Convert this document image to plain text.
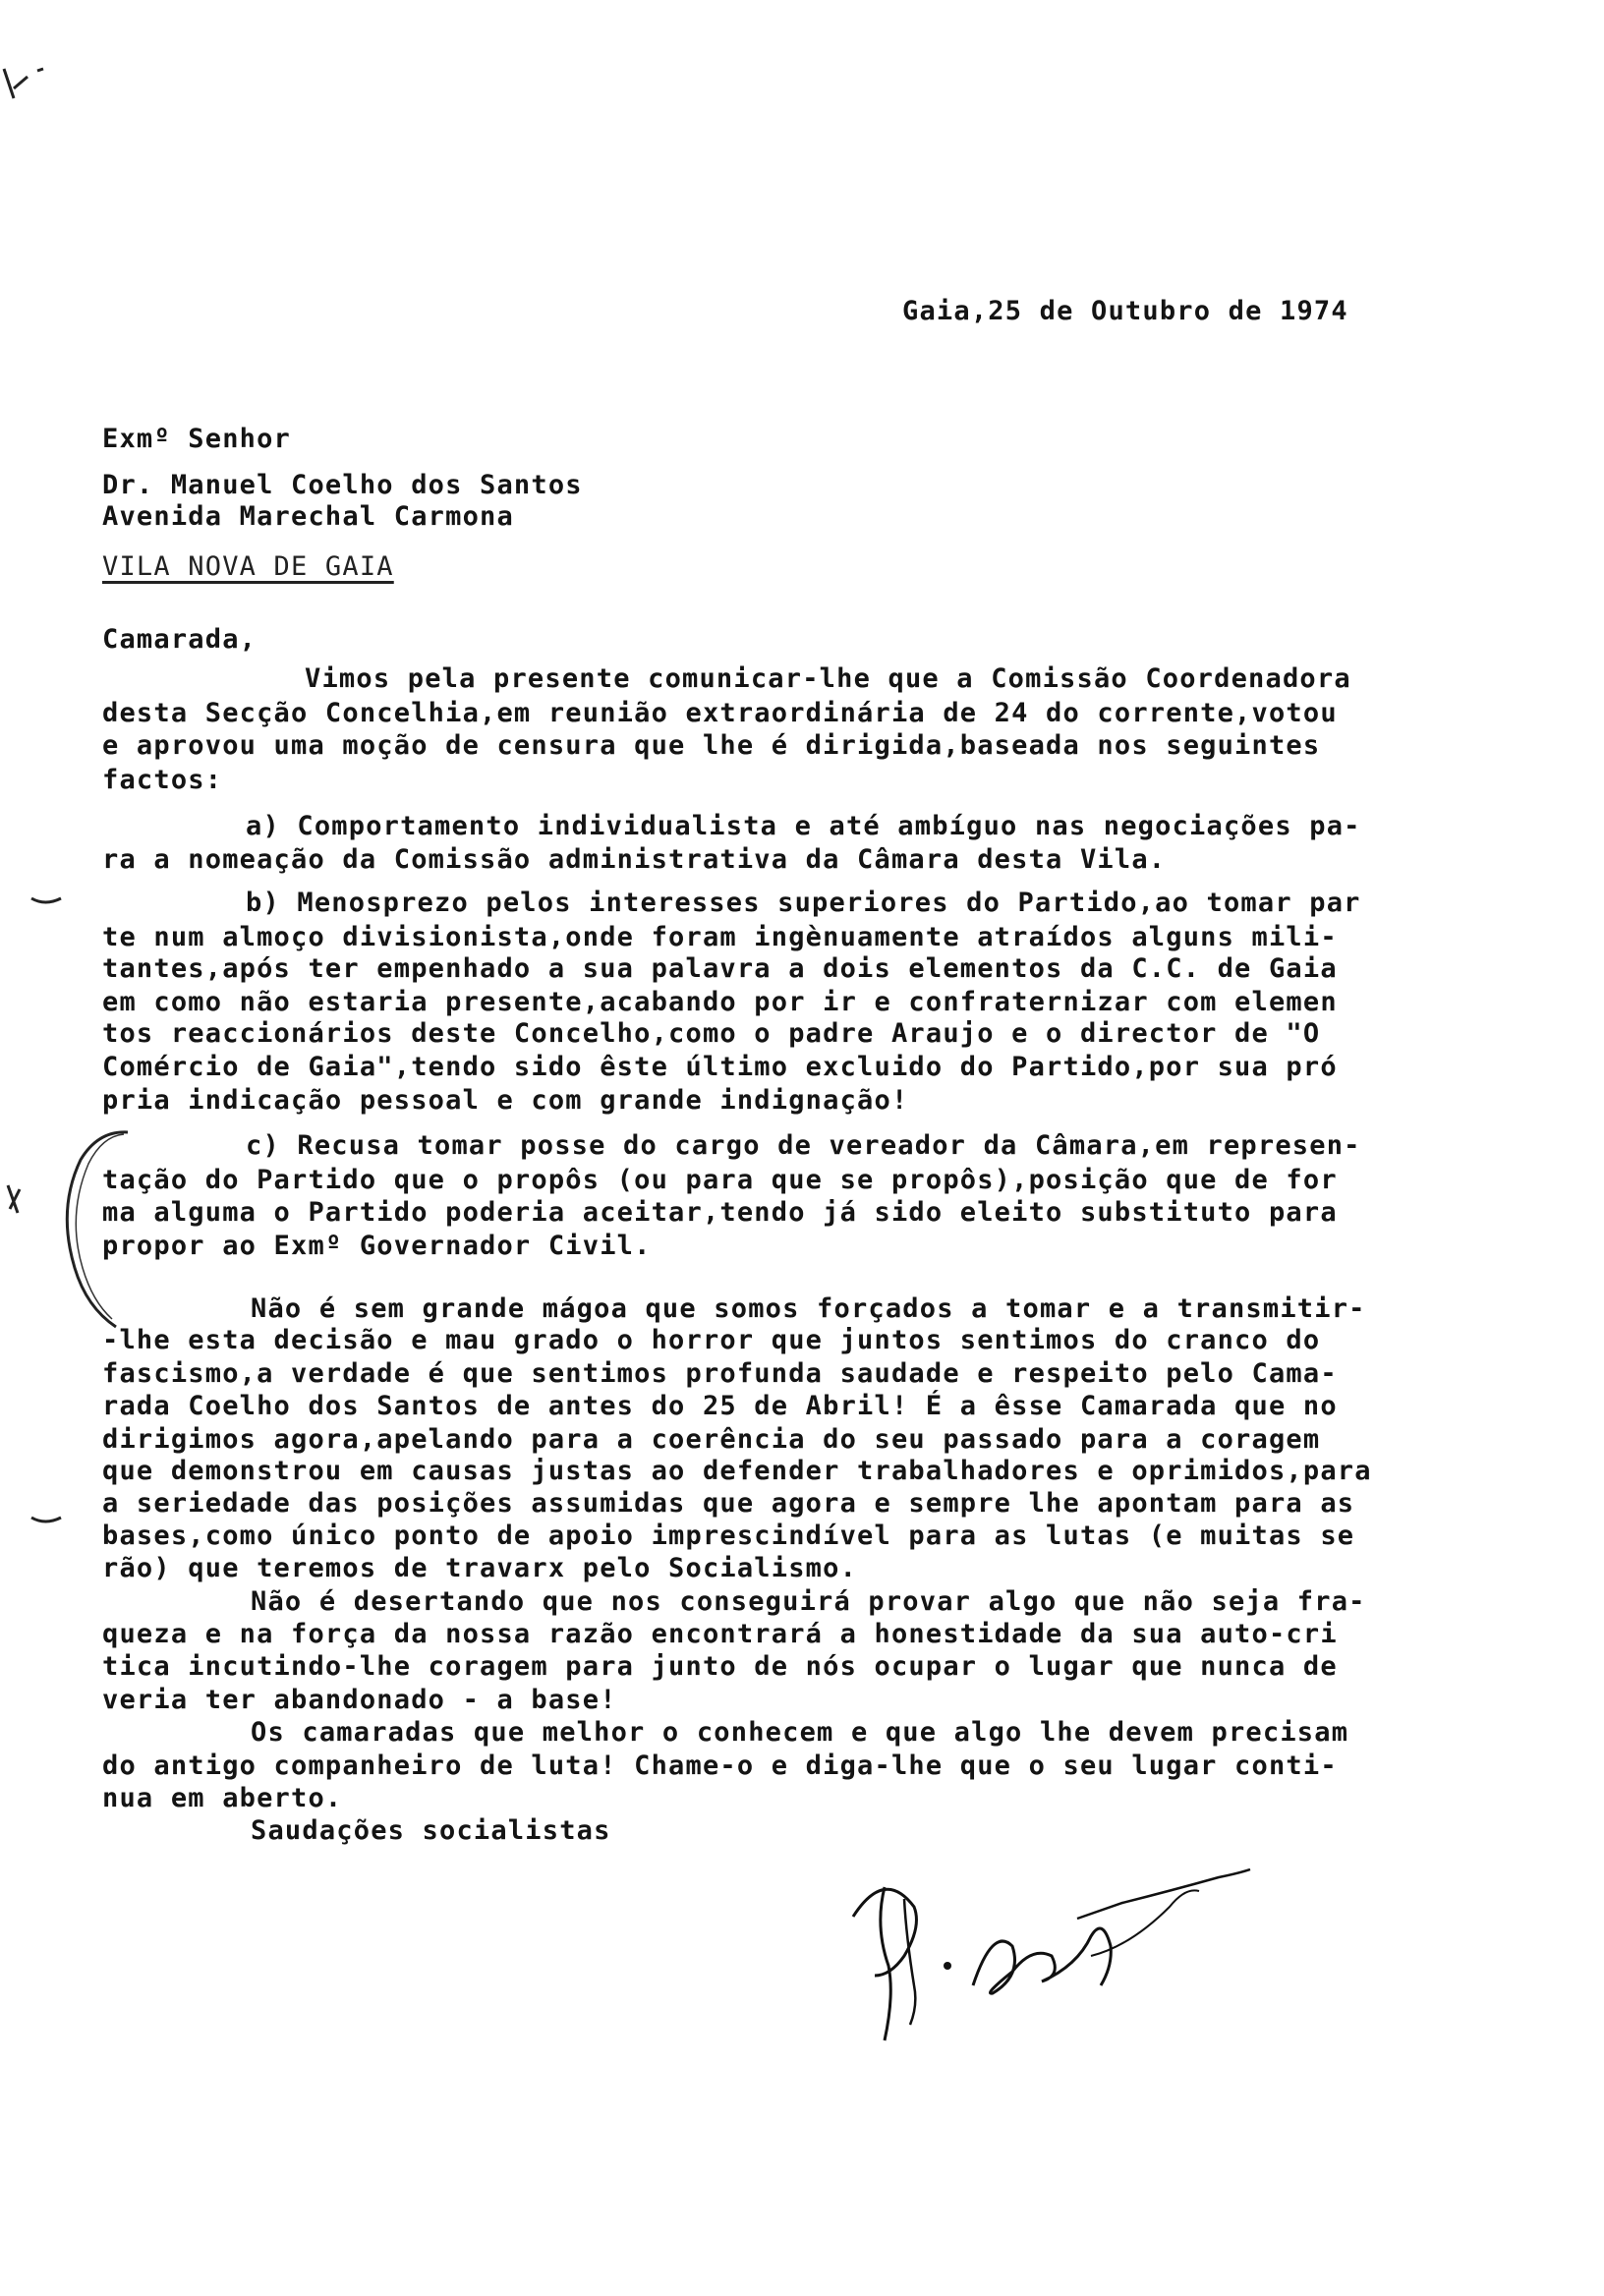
Gaia,25 de Outubro de 1974
Exmº Senhor
Dr. Manuel Coelho dos Santos
Avenida Marechal Carmona
VILA NOVA DE GAIA
Camarada,
Vimos pela presente comunicar-lhe que a Comissão Coordenadora
desta Secção Concelhia,em reunião extraordinária de 24 do corrente,votou
e aprovou uma moção de censura que lhe é dirigida,baseada nos seguintes
factos:
a) Comportamento individualista e até ambíguo nas negociações pa-
ra a nomeação da Comissão administrativa da Câmara desta Vila.
b) Menosprezo pelos interesses superiores do Partido,ao tomar par
te num almoço divisionista,onde foram ingènuamente atraídos alguns mili-
tantes,após ter empenhado a sua palavra a dois elementos da C.C. de Gaia
em como não estaria presente,acabando por ir e confraternizar com elemen
tos reaccionários deste Concelho,como o padre Araujo e o director de "O
Comércio de Gaia",tendo sido êste último excluido do Partido,por sua pró
pria indicação pessoal e com grande indignação!
c) Recusa tomar posse do cargo de vereador da Câmara,em represen-
tação do Partido que o propôs (ou para que se propôs),posição que de for
ma alguma o Partido poderia aceitar,tendo já sido eleito substituto para
propor ao Exmº Governador Civil.
Não é sem grande mágoa que somos forçados a tomar e a transmitir-
-lhe esta decisão e mau grado o horror que juntos sentimos do cranco do
fascismo,a verdade é que sentimos profunda saudade e respeito pelo Cama-
rada Coelho dos Santos de antes do 25 de Abril! É a êsse Camarada que no
dirigimos agora,apelando para a coerência do seu passado para a coragem
que demonstrou em causas justas ao defender trabalhadores e oprimidos,para
a seriedade das posições assumidas que agora e sempre lhe apontam para as
bases,como único ponto de apoio imprescindível para as lutas (e muitas se
rão) que teremos de travarx pelo Socialismo.
Não é desertando que nos conseguirá provar algo que não seja fra-
queza e na força da nossa razão encontrará a honestidade da sua auto-cri
tica incutindo-lhe coragem para junto de nós ocupar o lugar que nunca de
veria ter abandonado - a base!
Os camaradas que melhor o conhecem e que algo lhe devem precisam
do antigo companheiro de luta! Chame-o e diga-lhe que o seu lugar conti-
nua em aberto.
Saudações socialistas
